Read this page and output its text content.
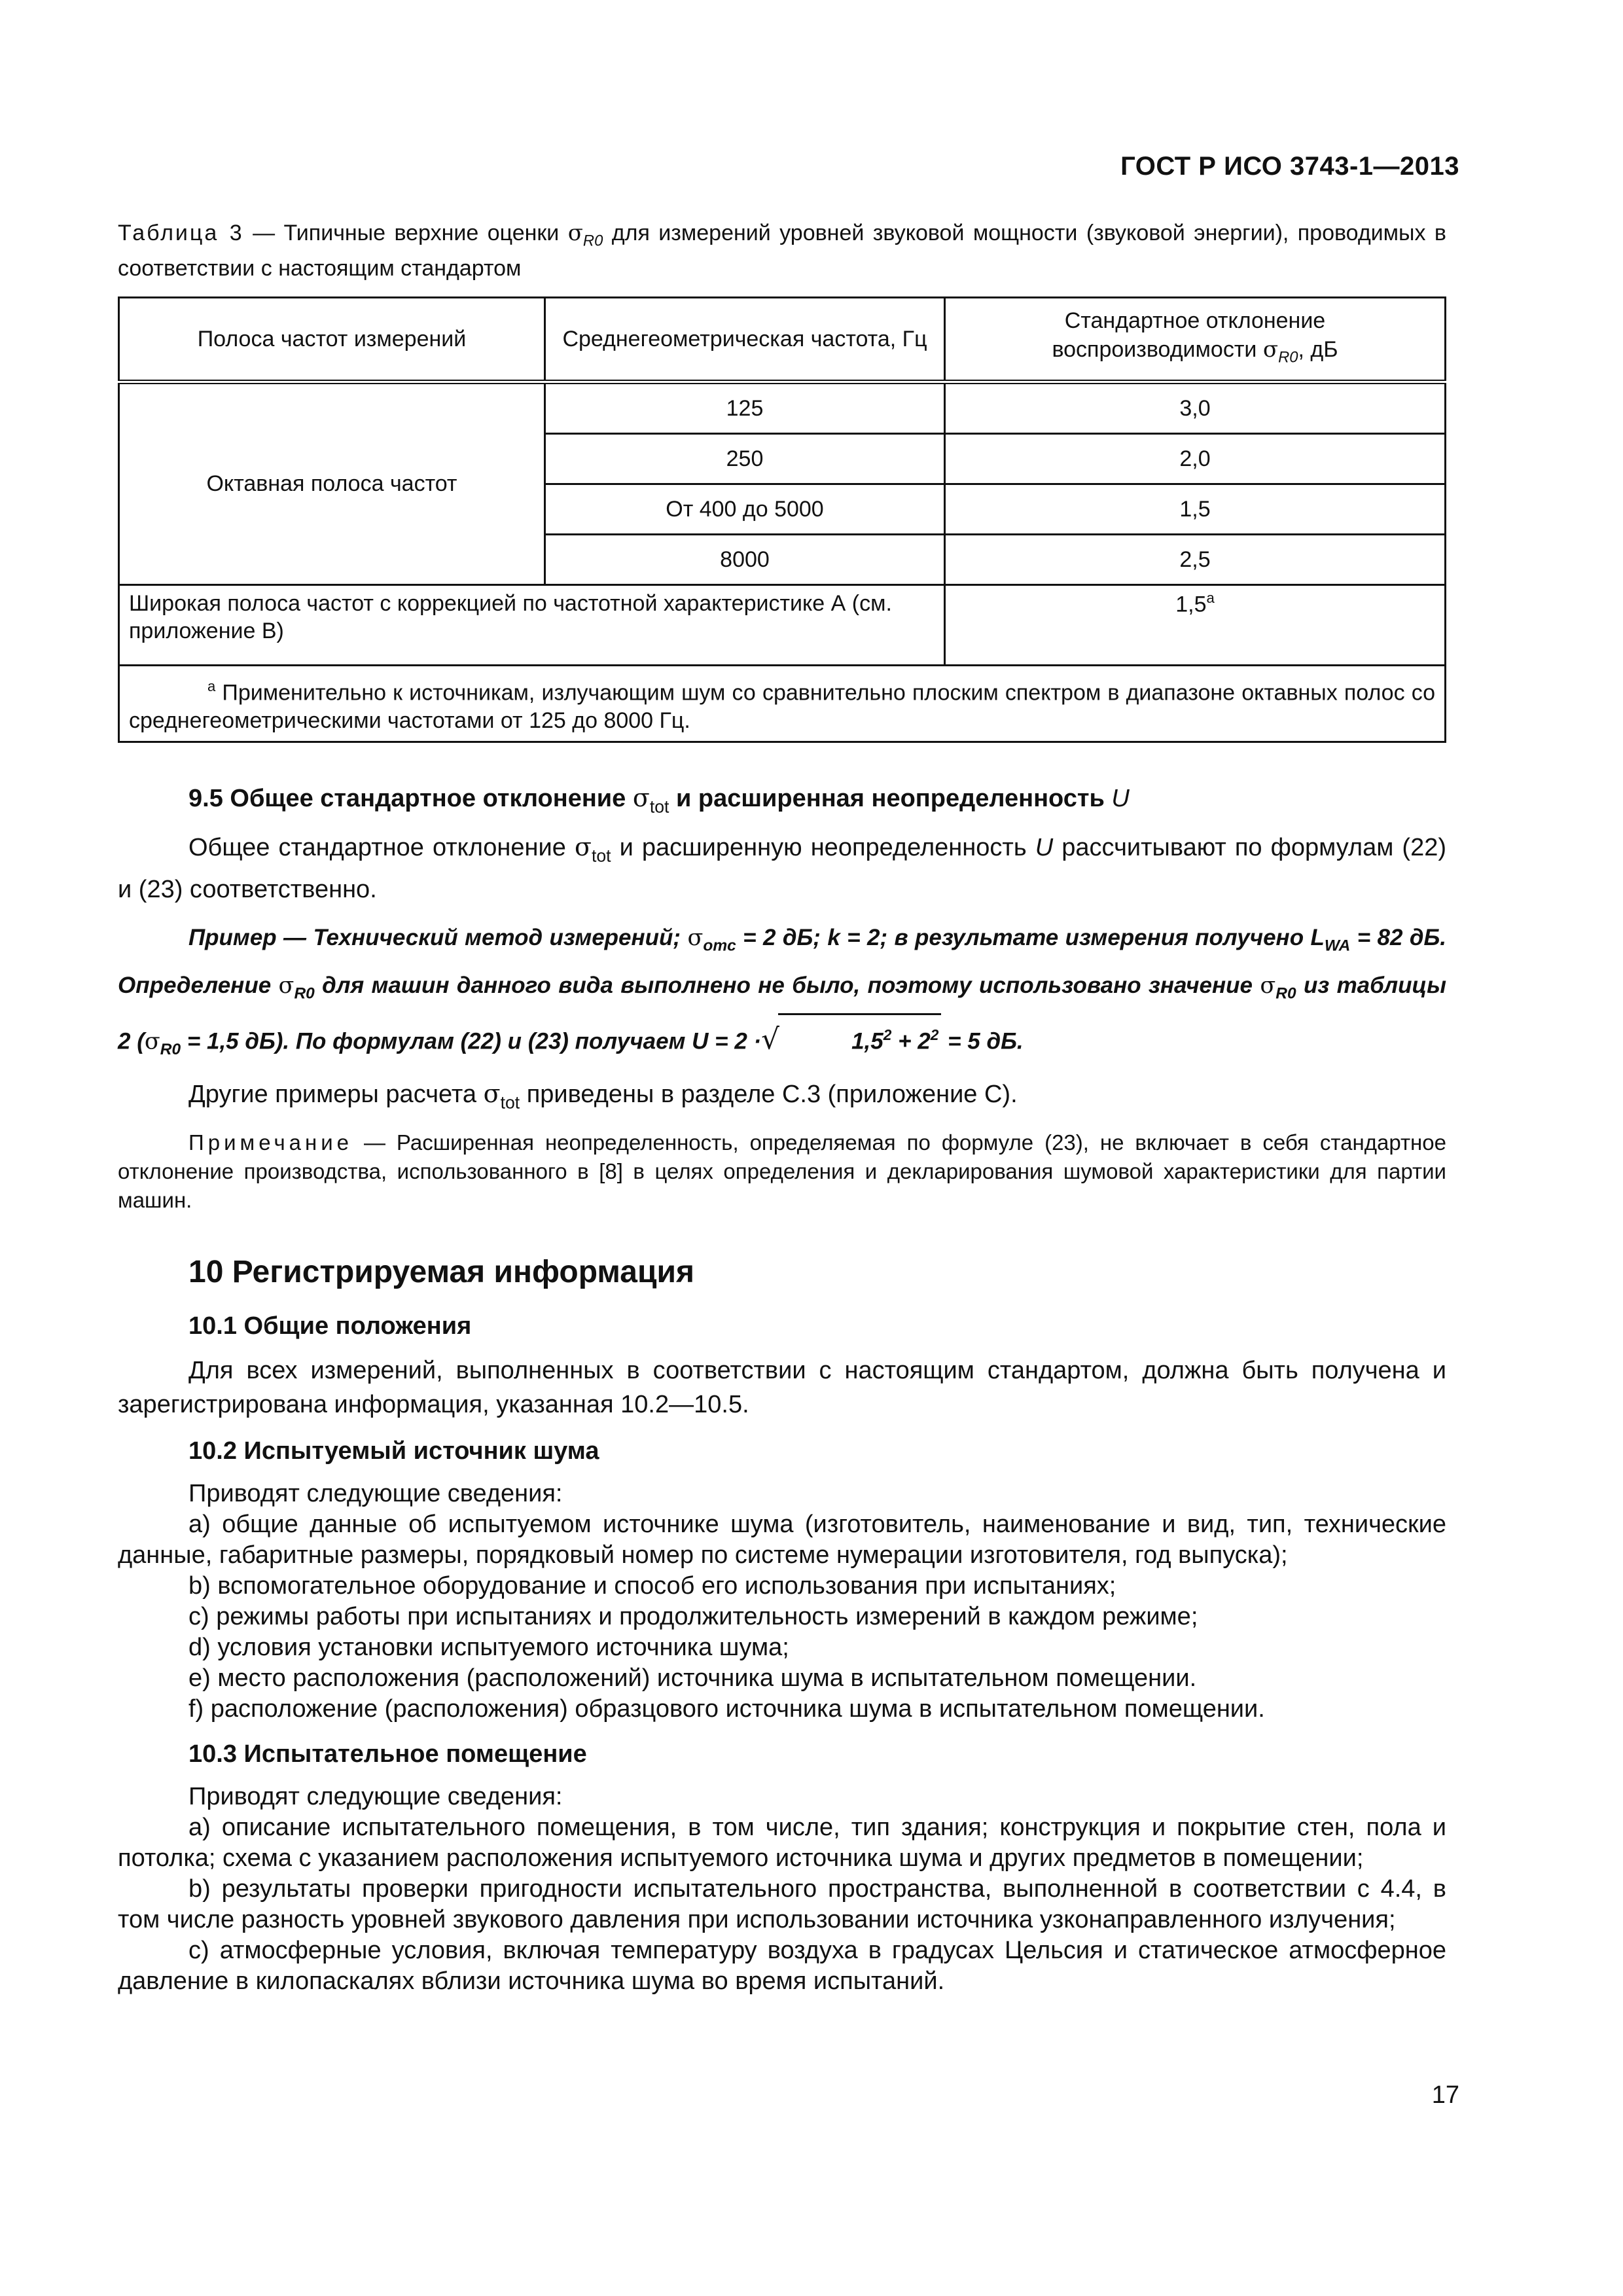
ГОСТ Р ИСО 3743-1—2013
Таблица 3 — Типичные верхние оценки $\sigma_{R0}$ для измерений уровней звуковой мощности (звуковой энергии), проводимых в соответствии с настоящим стандартом
Полоса частот измерений	Среднегеометрическая частота, Гц	Стандартное отклонение
воспроизводимости $\sigma_{R0}$, дБ
Октавная полоса частот	125	3,0
	250	2,0
	От 400 до 5000	1,5
	8000	2,5
Широкая полоса частот с коррекцией по частотной характеристике А (см. приложение В)		1,5$^a$

$^a$ Применительно к источникам, излучающим шум со сравнительно плоским спектром в диапазоне октавных полос со среднегеометрическими частотами от 125 до 8000 Гц.		
9.5 Общее стандартное отклонение $\sigma_{tot}$ и расширенная неопределенность U

Общее стандартное отклонение $\sigma_{tot}$ и расширенную неопределенность U рассчитывают по формулам (22) и (23) соответственно.

Пример — Технический метод измерений; $\sigma_{omc} = 2$ дБ; k = 2; в результате измерения получено $L_{WA} = 82$ дБ. Определение $\sigma_{R0}$ для машин данного вида выполнено не было, поэтому использовано значение $\sigma_{R0}$ из таблицы 2 ($\sigma_{R0} = 1,5$ дБ). По формулам (22) и (23) получаем U = 2 ·√	$1,5^2 + 2^2 = 5$ дБ.

Другие примеры расчета $\sigma_{tot}$ приведены в разделе С.3 (приложение С).

Примечание — Расширенная неопределенность, определяемая по формуле (23), не включает в себя стандартное отклонение производства, использованного в [8] в целях определения и декларирования шумовой характеристики для партии машин.

10 Регистрируемая информация
10.1 Общие положения

Для всех измерений, выполненных в соответствии с настоящим стандартом, должна быть получена и зарегистрирована информация, указанная 10.2—10.5.

10.2 Испытуемый источник шума
Приводят следующие сведения:
a) общие данные об испытуемом источнике шума (изготовитель, наименование и вид, тип, технические данные, габаритные размеры, порядковый номер по системе нумерации изготовителя, год выпуска);
b) вспомогательное оборудование и способ его использования при испытаниях;
c) режимы работы при испытаниях и продолжительность измерений в каждом режиме;
d) условия установки испытуемого источника шума;
e) место расположения (расположений) источника шума в испытательном помещении.
f) расположение (расположения) образцового источника шума в испытательном помещении.
10.3 Испытательное помещение
Приводят следующие сведения:
a) описание испытательного помещения, в том числе, тип здания; конструкция и покрытие стен, пола и потолка; схема с указанием расположения испытуемого источника шума и других предметов в помещении;
b) результаты проверки пригодности испытательного пространства, выполненной в соответствии с 4.4, в том числе разность уровней звукового давления при использовании источника узконаправленного излучения;
c) атмосферные условия, включая температуру воздуха в градусах Цельсия и статическое атмосферное давление в килопаскалях вблизи источника шума во время испытаний.
17
